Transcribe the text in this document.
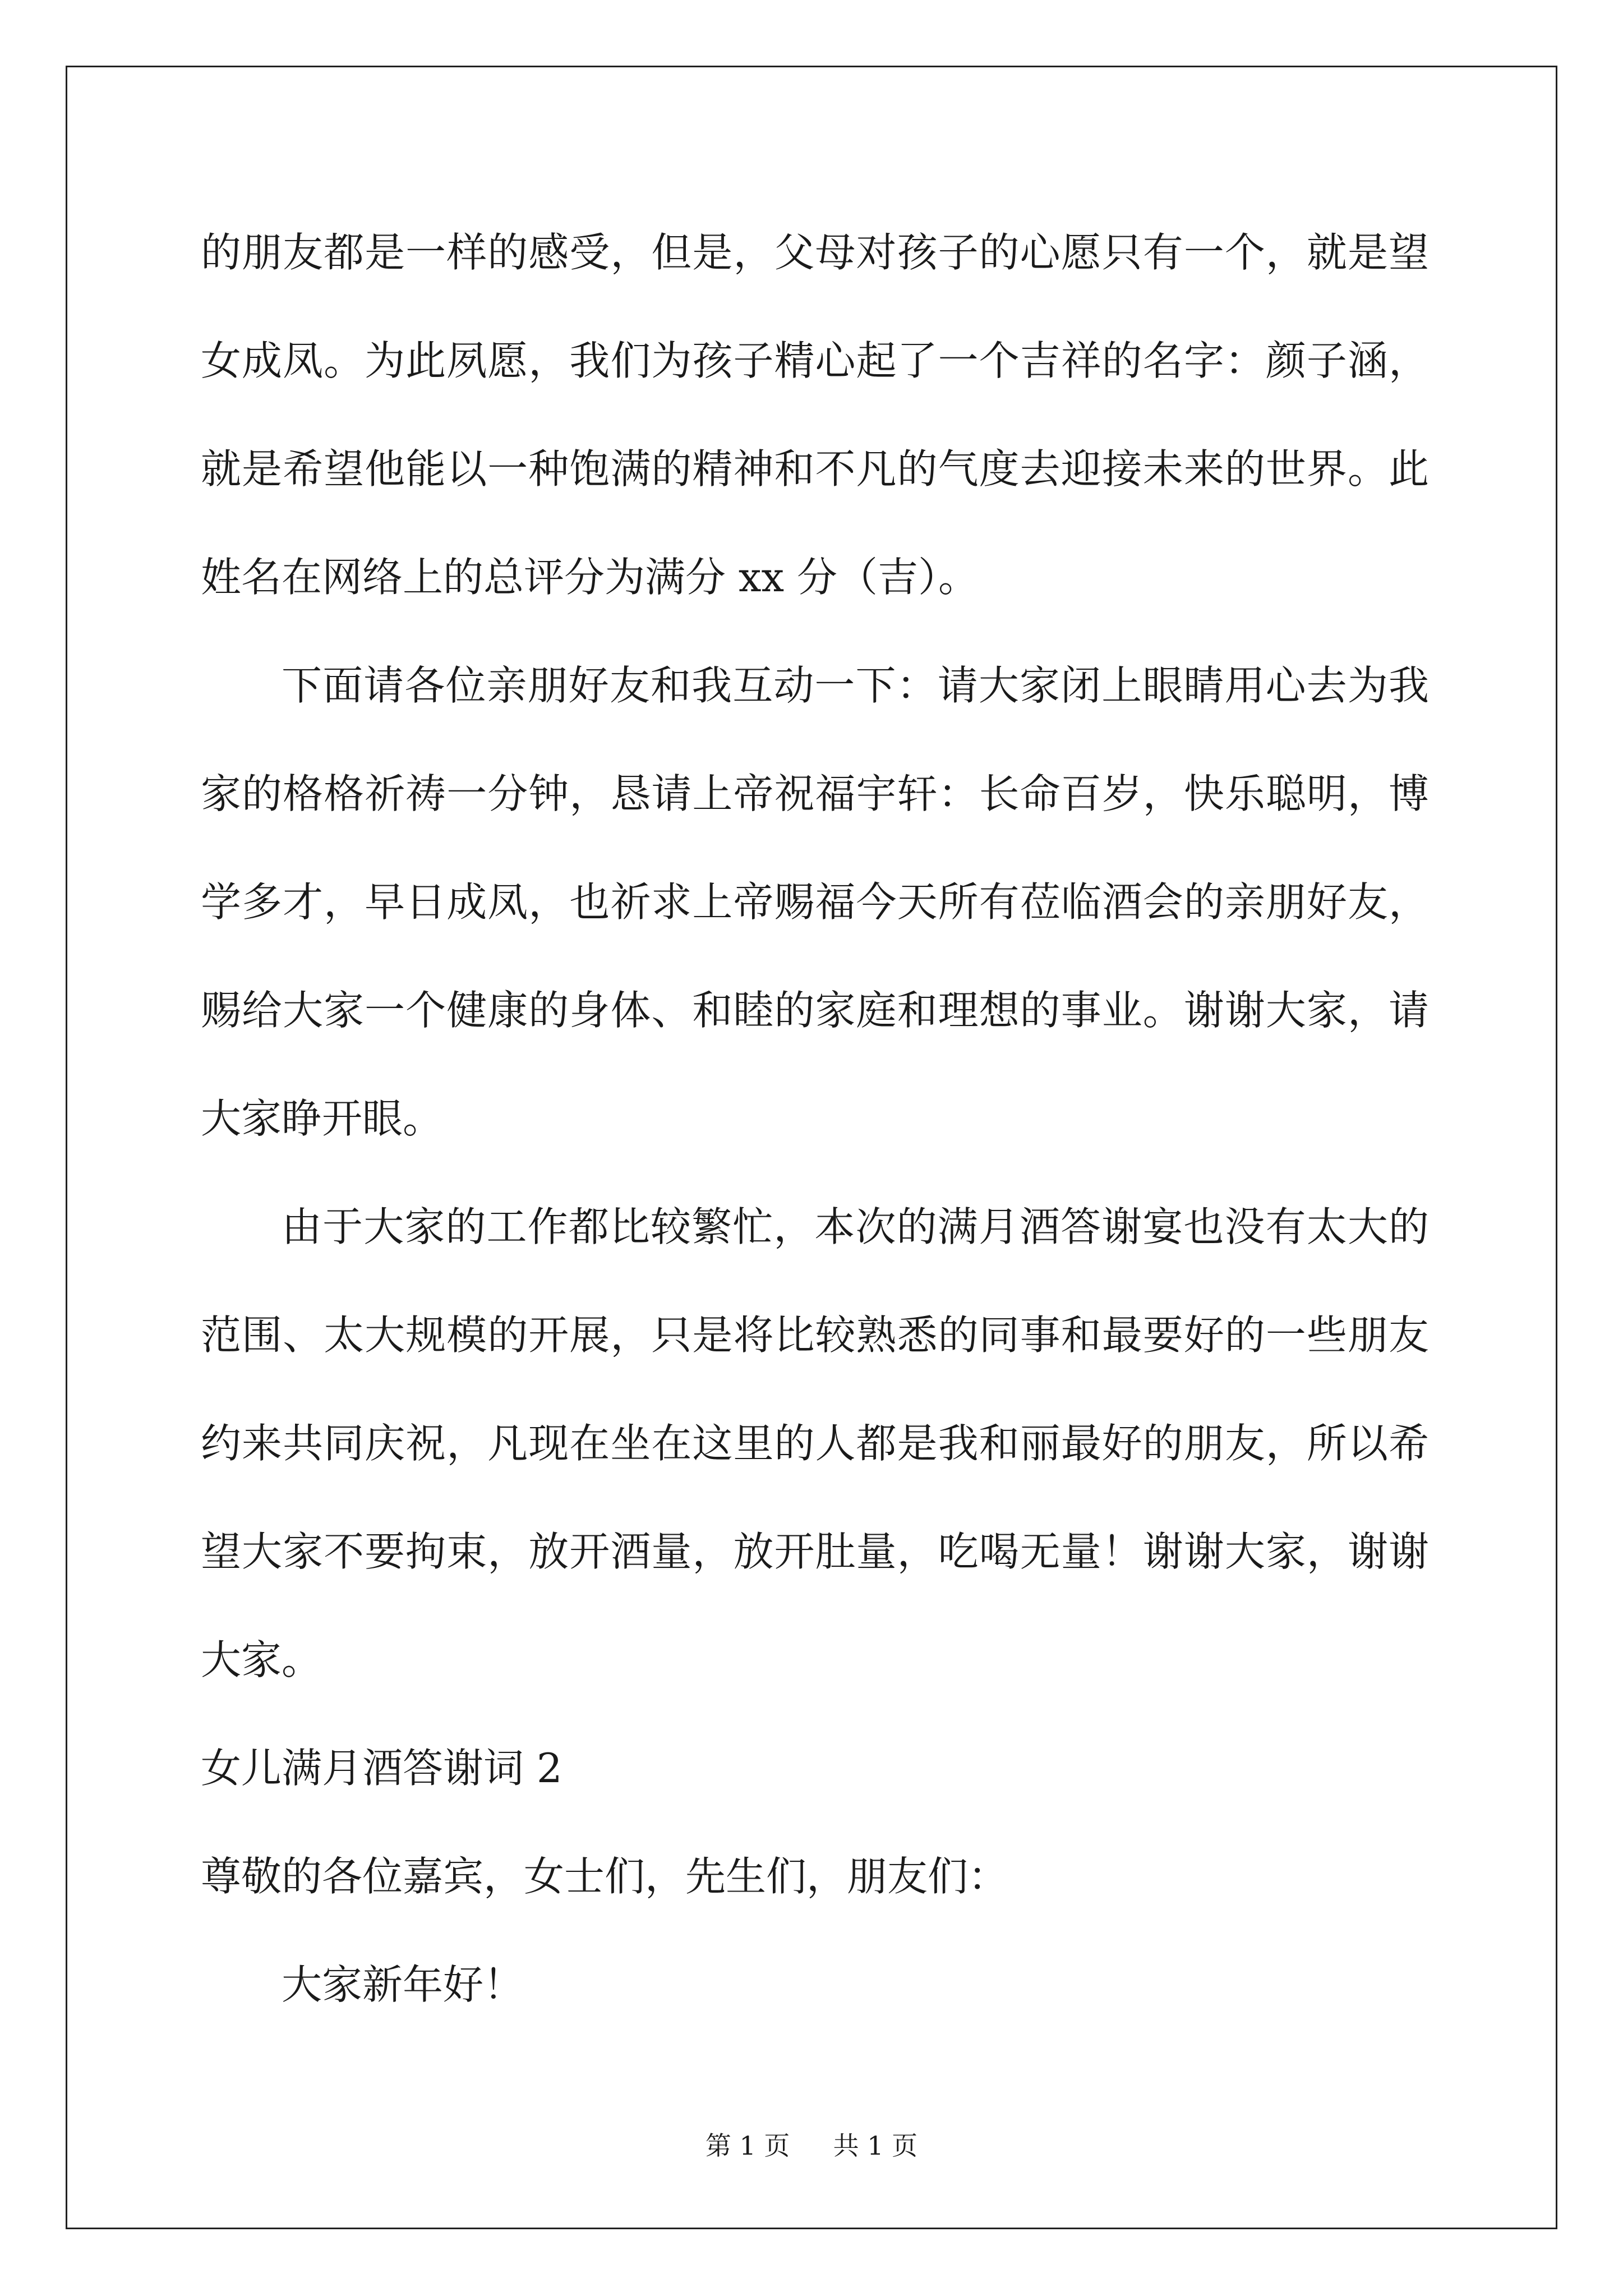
的朋友都是一样的感受，但是，父母对孩子的心愿只有一个，就是望
女成凤。为此夙愿，我们为孩子精心起了一个吉祥的名字：颜子涵，
就是希望他能以一种饱满的精神和不凡的气度去迎接未来的世界。此
姓名在网络上的总评分为满分 xx 分（吉）。
下面请各位亲朋好友和我互动一下：请大家闭上眼睛用心去为我
家的格格祈祷一分钟，恳请上帝祝福宇轩：长命百岁，快乐聪明，博
学多才，早日成凤，也祈求上帝赐福今天所有莅临酒会的亲朋好友，
赐给大家一个健康的身体、和睦的家庭和理想的事业。谢谢大家，请
大家睁开眼。
由于大家的工作都比较繁忙，本次的满月酒答谢宴也没有太大的
范围、太大规模的开展，只是将比较熟悉的同事和最要好的一些朋友
约来共同庆祝，凡现在坐在这里的人都是我和丽最好的朋友，所以希
望大家不要拘束，放开酒量，放开肚量，吃喝无量！谢谢大家，谢谢
大家。
女儿满月酒答谢词 2
尊敬的各位嘉宾，女士们，先生们，朋友们：
大家新年好！
第 1 页 共 1 页
